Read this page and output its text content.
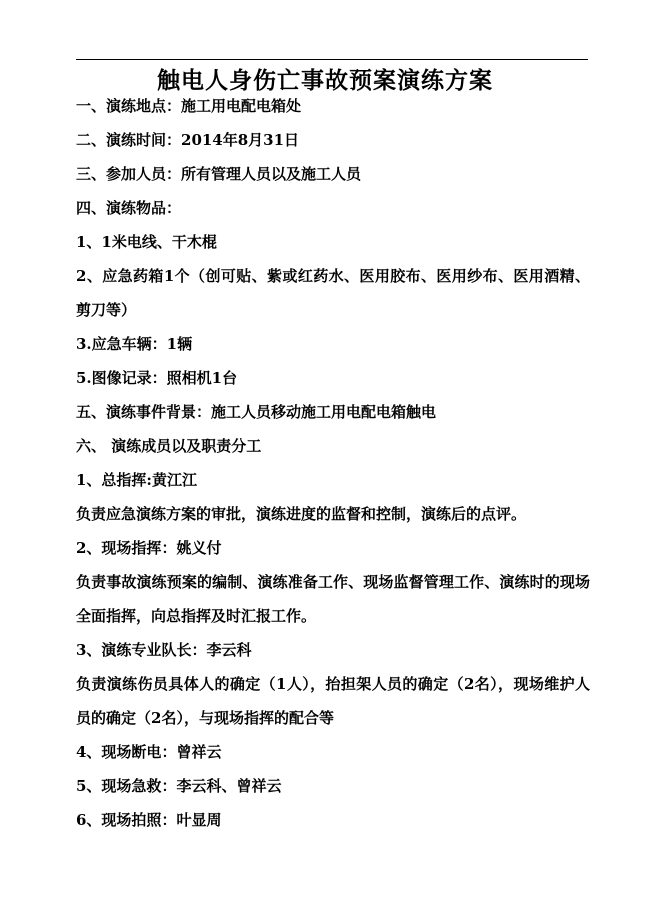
触电人身伤亡事故预案演练方案
一、演练地点：施工用电配电箱处
二、演练时间：2014年8月31日
三、参加人员：所有管理人员以及施工人员
四、演练物品：
1、1米电线、干木棍
2、应急药箱1个（创可贴、紫或红药水、医用胶布、医用纱布、医用酒精、剪刀等）
3.应急车辆：1辆
5.图像记录：照相机1台
五、演练事件背景：施工人员移动施工用电配电箱触电
六、 演练成员以及职责分工
1、总指挥:黄江江
负责应急演练方案的审批，演练进度的监督和控制，演练后的点评。
2、现场指挥：姚义付
负责事故演练预案的编制、演练准备工作、现场监督管理工作、演练时的现场全面指挥，向总指挥及时汇报工作。
3、演练专业队长：李云科
负责演练伤员具体人的确定（1人），抬担架人员的确定（2名），现场维护人员的确定（2名），与现场指挥的配合等
4、现场断电：曾祥云
5、现场急救：李云科、曾祥云
6、现场拍照：叶显周
